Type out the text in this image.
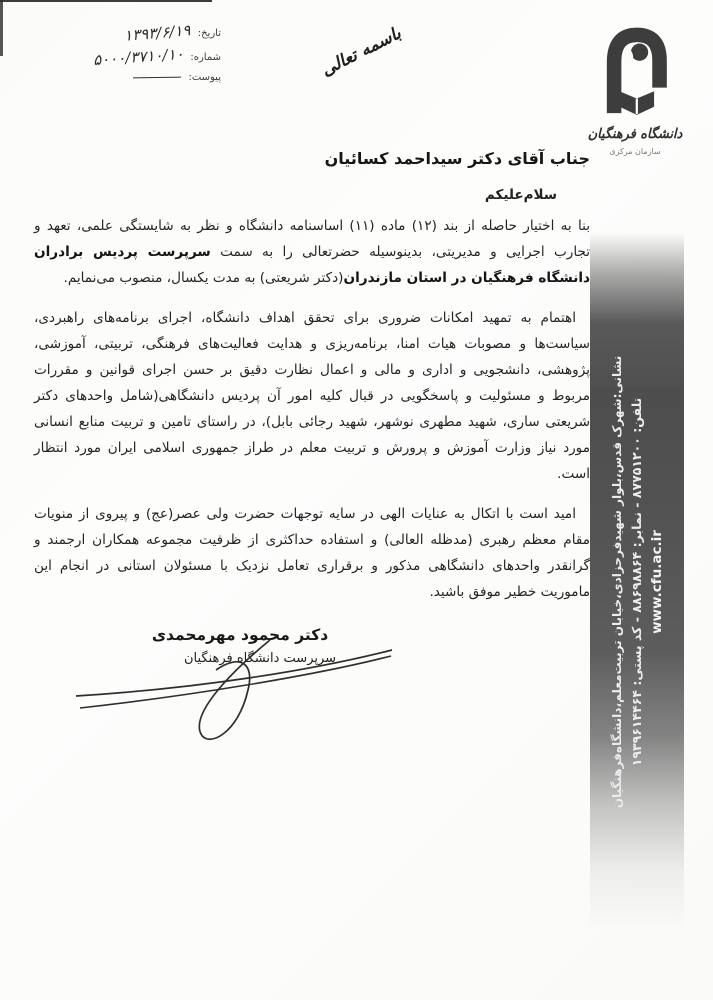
تاریخ:
۱۳۹۳/۶/۱۹
شماره:
۵۰۰۰/۳۷۱۰/۱۰
پیوست:	باسمه تعالی
دانشگاه فرهنگیان
سازمان مرکزی
جناب آقای دکتر سیداحمد کسائیان
سلام‌علیکم

بنا به اختیار حاصله از بند (۱۲) ماده (۱۱) اساسنامه دانشگاه و نظر به شایستگی علمی، تعهد و تجارب اجرایی و مدیریتی، بدینوسیله حضرتعالی را به سمت سرپرست پردیس برادران دانشگاه فرهنگیان در استان مازندران(دکتر شریعتی) به مدت یکسال، منصوب می‌نمایم.

اهتمام به تمهید امکانات ضروری برای تحقق اهداف دانشگاه، اجرای برنامه‌های راهبردی، سیاست‌ها و مصوبات هیات امنا، برنامه‌ریزی و هدایت فعالیت‌های فرهنگی، تربیتی، آموزشی، پژوهشی، دانشجویی و اداری و مالی و اعمال نظارت دقیق بر حسن اجرای قوانین و مقررات مربوط و مسئولیت و پاسخگویی در قبال کلیه امور آن پردیس دانشگاهی(شامل واحدهای دکتر شریعتی ساری، شهید مطهری نوشهر، شهید رجائی بابل)، در راستای تامین و تربیت منابع انسانی مورد نیاز وزارت آموزش و پرورش و تربیت معلم در طراز جمهوری اسلامی ایران مورد انتظار است.

امید است با اتکال به عنایات الهی در سایه توجهات حضرت ولی عصر(عج) و پیروی از منویات مقام معظم رهبری (مدظله العالی) و استفاده حداکثری از ظرفیت مجموعه همکاران ارجمند و گرانقدر واحدهای دانشگاهی مذکور و برقراری تعامل نزدیک با مسئولان استانی در انجام این ماموریت خطیر موفق باشید.

دکتر محمود مهرمحمدی
سرپرست دانشگاه فرهنگیان	نشانی:شهرک قدس،بلوار شهیدفرحزادی،خیابان تربیت‌معلم،دانشگاه‌فرهنگیان تلفن: ۸۷۷۵۱۲۰۰ - نمابر: ۸۸۶۹۸۸۶۴ - کد پستی: ۱۹۳۹۶۱۴۴۶۴
www.cfu.ac.ir
